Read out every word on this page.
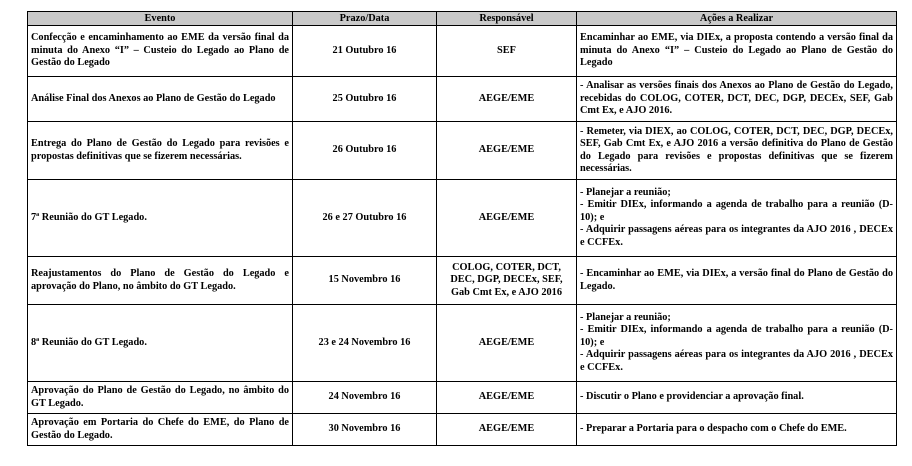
Evento	Prazo/Data	Responsável	Ações a Realizar
Confecção e encaminhamento ao EME da versão final da minuta do Anexo “I” – Custeio do Legado ao Plano de Gestão do Legado	21 Outubro 16	SEF	Encaminhar ao EME, via DIEx, a proposta contendo a versão final da minuta do Anexo “I” – Custeio do Legado ao Plano de Gestão do Legado

Análise Final dos Anexos ao Plano de Gestão do Legado	25 Outubro 16	AEGE/EME	- Analisar as versões finais dos Anexos ao Plano de Gestão do Legado, recebidas do COLOG, COTER, DCT, DEC, DGP, DECEx, SEF, Gab Cmt Ex, e AJO 2016.

Entrega do Plano de Gestão do Legado para revisões e propostas definitivas que se fizerem necessárias.	26 Outubro 16	AEGE/EME	- Remeter, via DIEX, ao COLOG, COTER, DCT, DEC, DGP, DECEx, SEF, Gab Cmt Ex, e AJO 2016 a versão definitiva do Plano de Gestão do Legado para revisões e propostas definitivas que se fizerem necessárias.

7ª Reunião do GT Legado.	26 e 27 Outubro 16	AEGE/EME	- Planejar a reunião;
- Emitir DIEx, informando a agenda de trabalho para a reunião (D-10); e
- Adquirir passagens aéreas para os integrantes da AJO 2016 , DECEx e CCFEx.

Reajustamentos do Plano de Gestão do Legado e aprovação do Plano, no âmbito do GT Legado.	15 Novembro 16	COLOG, COTER, DCT, DEC, DGP, DECEx, SEF, Gab Cmt Ex, e AJO 2016	- Encaminhar ao EME, via DIEx, a versão final do Plano de Gestão do Legado.

8ª Reunião do GT Legado.	23 e 24 Novembro 16	AEGE/EME	- Planejar a reunião;
- Emitir DIEx, informando a agenda de trabalho para a reunião (D-10); e
- Adquirir passagens aéreas para os integrantes da AJO 2016 , DECEx e CCFEx.

Aprovação do Plano de Gestão do Legado, no âmbito do GT Legado.	24 Novembro 16	AEGE/EME	- Discutir o Plano e providenciar a aprovação final.

Aprovação em Portaria do Chefe do EME, do Plano de Gestão do Legado.	30 Novembro 16	AEGE/EME	- Preparar a Portaria para o despacho com o Chefe do EME.
